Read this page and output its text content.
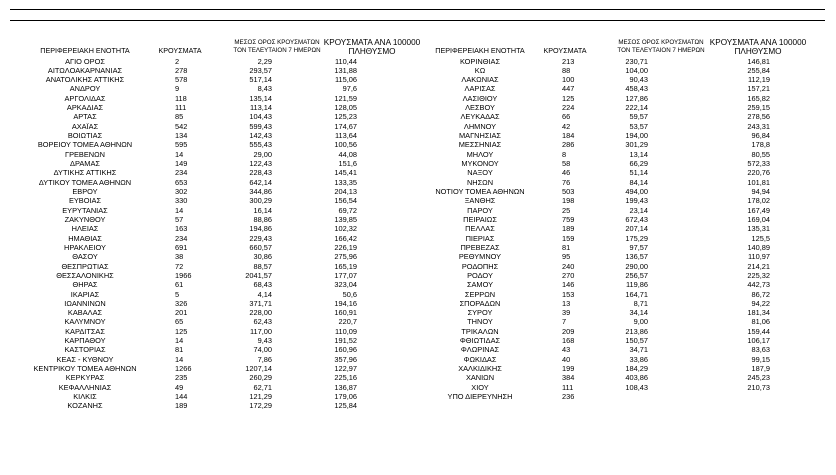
ΠΕΡΙΦΕΡΕΙΑΚΗ ΕΝΟΤΗΤΑ	ΚΡΟΥΣΜΑΤΑ
ΜΕΣΟΣ ΟΡΟΣ ΚΡΟΥΣΜΑΤΩΝ
ΤΟΝ ΤΕΛΕΥΤΑΙΟΝ 7 ΗΜΕΡΩΝ
ΚΡΟΥΣΜΑΤΑ ΑΝΑ 100000
ΠΛΗΘΥΣΜΟ	ΠΕΡΙΦΕΡΕΙΑΚΗ ΕΝΟΤΗΤΑ	ΚΡΟΥΣΜΑΤΑ
ΜΕΣΟΣ ΟΡΟΣ ΚΡΟΥΣΜΑΤΩΝ
ΤΟΝ ΤΕΛΕΥΤΑΙΟΝ 7 ΗΜΕΡΩΝ
ΚΡΟΥΣΜΑΤΑ ΑΝΑ 100000
ΠΛΗΘΥΣΜΟ
ΑΓΙΟ ΟΡΟΣ	2	2,29	110,44
ΑΙΤΩΛΟΑΚΑΡΝΑΝΙΑΣ	278	293,57	131,88
ΑΝΑΤΟΛΙΚΗΣ ΑΤΤΙΚΗΣ	578	517,14	115,06
ΑΝΔΡΟΥ	9	8,43	97,6
ΑΡΓΟΛΙΔΑΣ	118	135,14	121,59
ΑΡΚΑΔΙΑΣ	111	113,14	128,05
ΑΡΤΑΣ	85	104,43	125,23
ΑΧΑΪΑΣ	542	599,43	174,67
ΒΟΙΩΤΙΑΣ	134	142,43	113,64
ΒΟΡΕΙΟΥ ΤΟΜΕΑ ΑΘΗΝΩΝ	595	555,43	100,56
ΓΡΕΒΕΝΩΝ	14	29,00	44,08
ΔΡΑΜΑΣ	149	122,43	151,6
ΔΥΤΙΚΗΣ ΑΤΤΙΚΗΣ	234	228,43	145,41
ΔΥΤΙΚΟΥ ΤΟΜΕΑ ΑΘΗΝΩΝ	653	642,14	133,35
ΕΒΡΟΥ	302	344,86	204,13
ΕΥΒΟΙΑΣ	330	300,29	156,54
ΕΥΡΥΤΑΝΙΑΣ	14	16,14	69,72
ΖΑΚΥΝΘΟΥ	57	88,86	139,85
ΗΛΕΙΑΣ	163	194,86	102,32
ΗΜΑΘΙΑΣ	234	229,43	166,42
ΗΡΑΚΛΕΙΟΥ	691	660,57	226,19
ΘΑΣΟΥ	38	30,86	275,96
ΘΕΣΠΡΩΤΙΑΣ	72	88,57	165,19
ΘΕΣΣΑΛΟΝΙΚΗΣ	1966	2041,57	177,07
ΘΗΡΑΣ	61	68,43	323,04
ΙΚΑΡΙΑΣ	5	4,14	50,6
ΙΩΑΝΝΙΝΩΝ	326	371,71	194,16
ΚΑΒΑΛΑΣ	201	228,00	160,91
ΚΑΛΥΜΝΟΥ	65	62,43	220,7
ΚΑΡΔΙΤΣΑΣ	125	117,00	110,09
ΚΑΡΠΑΘΟΥ	14	9,43	191,52
ΚΑΣΤΟΡΙΑΣ	81	74,00	160,96
ΚΕΑΣ - ΚΥΘΝΟΥ	14	7,86	357,96
ΚΕΝΤΡΙΚΟΥ ΤΟΜΕΑ ΑΘΗΝΩΝ	1266	1207,14	122,97
ΚΕΡΚΥΡΑΣ	235	260,29	225,16
ΚΕΦΑΛΛΗΝΙΑΣ	49	62,71	136,87
ΚΙΛΚΙΣ	144	121,29	179,06
ΚΟΖΑΝΗΣ	189	172,29	125,84
ΚΟΡΙΝΘΙΑΣ	213	230,71	146,81
ΚΩ	88	104,00	255,84
ΛΑΚΩΝΙΑΣ	100	90,43	112,19
ΛΑΡΙΣΑΣ	447	458,43	157,21
ΛΑΣΙΘΙΟΥ	125	127,86	165,82
ΛΕΣΒΟΥ	224	222,14	259,15
ΛΕΥΚΑΔΑΣ	66	59,57	278,56
ΛΗΜΝΟΥ	42	53,57	243,31
ΜΑΓΝΗΣΙΑΣ	184	194,00	96,84
ΜΕΣΣΗΝΙΑΣ	286	301,29	178,8
ΜΗΛΟΥ	8	13,14	80,55
ΜΥΚΟΝΟΥ	58	66,29	572,33
ΝΑΞΟΥ	46	51,14	220,76
ΝΗΣΩΝ	76	84,14	101,81
ΝΟΤΙΟΥ ΤΟΜΕΑ ΑΘΗΝΩΝ	503	494,00	94,94
ΞΑΝΘΗΣ	198	199,43	178,02
ΠΑΡΟΥ	25	23,14	167,49
ΠΕΙΡΑΙΩΣ	759	672,43	169,04
ΠΕΛΛΑΣ	189	207,14	135,31
ΠΙΕΡΙΑΣ	159	175,29	125,5
ΠΡΕΒΕΖΑΣ	81	97,57	140,89
ΡΕΘΥΜΝΟΥ	95	136,57	110,97
ΡΟΔΟΠΗΣ	240	290,00	214,21
ΡΟΔΟΥ	270	256,57	225,32
ΣΑΜΟΥ	146	119,86	442,73
ΣΕΡΡΩΝ	153	164,71	86,72
ΣΠΟΡΑΔΩΝ	13	8,71	94,22
ΣΥΡΟΥ	39	34,14	181,34
ΤΗΝΟΥ	7	9,00	81,06
ΤΡΙΚΑΛΩΝ	209	213,86	159,44
ΦΘΙΩΤΙΔΑΣ	168	150,57	106,17
ΦΛΩΡΙΝΑΣ	43	34,71	83,63
ΦΩΚΙΔΑΣ	40	33,86	99,15
ΧΑΛΚΙΔΙΚΗΣ	199	184,29	187,9
ΧΑΝΙΩΝ	384	403,86	245,23
ΧΙΟΥ	111	108,43	210,73
ΥΠΟ ΔΙΕΡΕΥΝΗΣΗ	236
